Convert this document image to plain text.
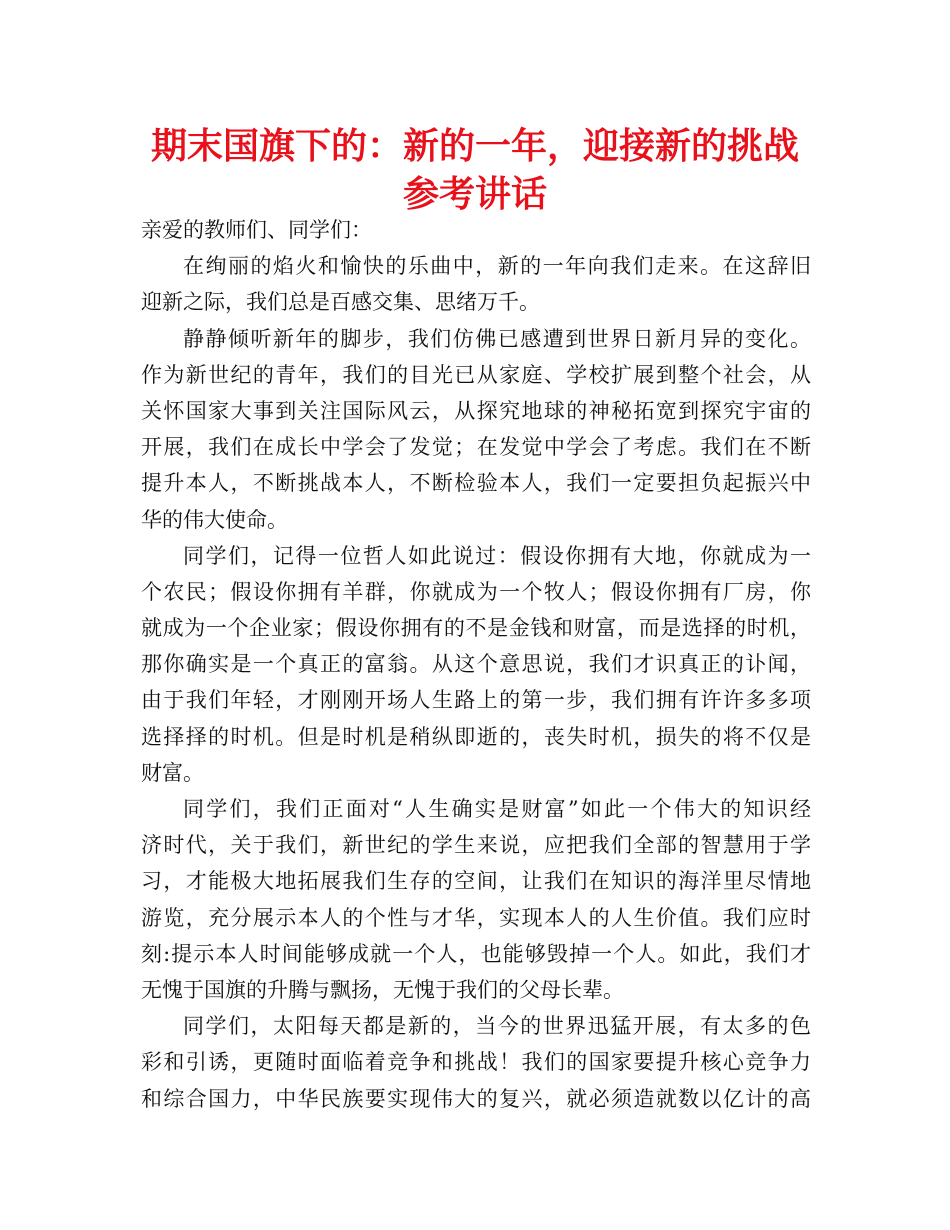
期末国旗下的：新的一年，迎接新的挑战
参考讲话
亲爱的教师们、同学们：
在绚丽的焰火和愉快的乐曲中，新的一年向我们走来。在这辞旧
迎新之际，我们总是百感交集、思绪万千。
静静倾听新年的脚步，我们仿佛已感遭到世界日新月异的变化。
作为新世纪的青年，我们的目光已从家庭、学校扩展到整个社会，从
关怀国家大事到关注国际风云，从探究地球的神秘拓宽到探究宇宙的
开展，我们在成长中学会了发觉；在发觉中学会了考虑。我们在不断
提升本人，不断挑战本人，不断检验本人，我们一定要担负起振兴中
华的伟大使命。
同学们，记得一位哲人如此说过：假设你拥有大地，你就成为一
个农民；假设你拥有羊群，你就成为一个牧人；假设你拥有厂房，你
就成为一个企业家；假设你拥有的不是金钱和财富，而是选择的时机，
那你确实是一个真正的富翁。从这个意思说，我们才识真正的讣闻，
由于我们年轻，才刚刚开场人生路上的第一步，我们拥有许许多多项
选择择的时机。但是时机是稍纵即逝的，丧失时机，损失的将不仅是
财富。
同学们，我们正面对“人生确实是财富”如此一个伟大的知识经
济时代，关于我们，新世纪的学生来说，应把我们全部的智慧用于学
习，才能极大地拓展我们生存的空间，让我们在知识的海洋里尽情地
游览，充分展示本人的个性与才华，实现本人的人生价值。我们应时
刻:提示本人时间能够成就一个人，也能够毁掉一个人。如此，我们才
无愧于国旗的升腾与飘扬，无愧于我们的父母长辈。
同学们，太阳每天都是新的，当今的世界迅猛开展，有太多的色
彩和引诱，更随时面临着竞争和挑战！我们的国家要提升核心竞争力
和综合国力，中华民族要实现伟大的复兴，就必须造就数以亿计的高
